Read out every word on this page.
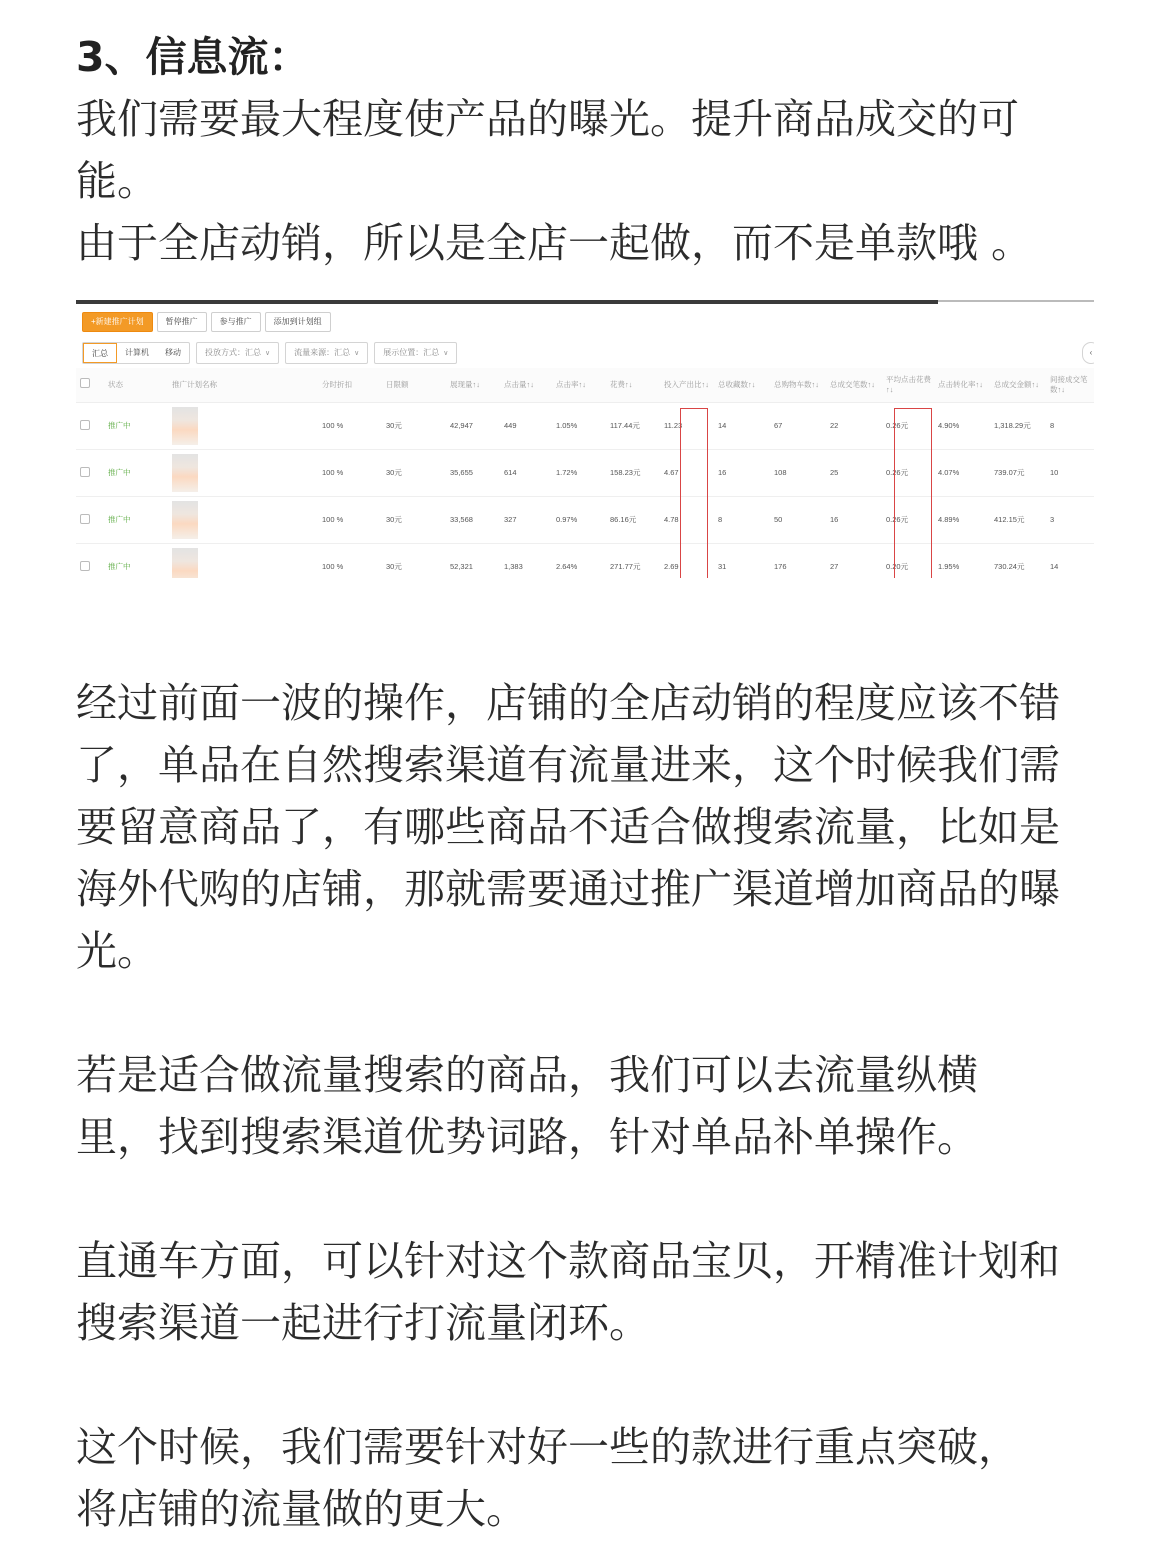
3、信息流：
我们需要最大程度使产品的曝光。提升商品成交的可能。
由于全店动销，所以是全店一起做，而不是单款哦 。
+新建推广计划	暂停推广	参与推广	添加到计划组
汇总	计算机	移动	投放方式：汇总 ∨	流量来源：汇总 ∨	展示位置：汇总 ∨	‹
	状态	推广计划名称	分时折扣	日限额	展现量↑↓	点击量↑↓	点击率↑↓	花费↑↓	投入产出比↑↓	总收藏数↑↓	总购物车数↑↓	总成交笔数↑↓	平均点击花费↑↓	点击转化率↑↓	总成交金额↑↓	间接成交笔数↑↓
	推广中		100 %	30元	42,947	449	1.05%	117.44元	11.23	14	67	22	0.26元	4.90%	1,318.29元	8
	推广中		100 %	30元	35,655	614	1.72%	158.23元	4.67	16	108	25	0.26元	4.07%	739.07元	10
	推广中		100 %	30元	33,568	327	0.97%	86.16元	4.78	8	50	16	0.26元	4.89%	412.15元	3
	推广中		100 %	30元	52,321	1,383	2.64%	271.77元	2.69	31	176	27	0.20元	1.95%	730.24元	14
经过前面一波的操作，店铺的全店动销的程度应该不错了，单品在自然搜索渠道有流量进来，这个时候我们需要留意商品了，有哪些商品不适合做搜索流量，比如是海外代购的店铺，那就需要通过推广渠道增加商品的曝光。
若是适合做流量搜索的商品，我们可以去流量纵横里，找到搜索渠道优势词路，针对单品补单操作。
直通车方面，可以针对这个款商品宝贝，开精准计划和搜索渠道一起进行打流量闭环。
这个时候，我们需要针对好一些的款进行重点突破，将店铺的流量做的更大。
